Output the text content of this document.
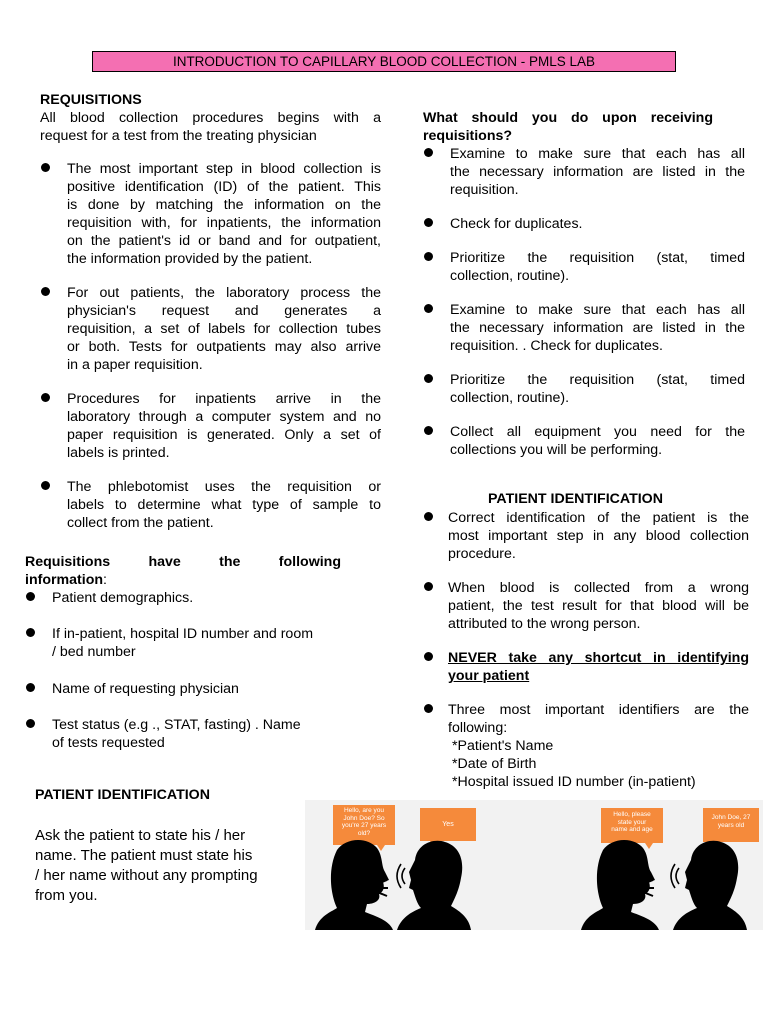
INTRODUCTION TO CAPILLARY BLOOD COLLECTION - PMLS LAB
REQUISITIONS
All blood collection procedures begins with a
request for a test from the treating physician
The most important step in blood collection is
positive identification (ID) of the patient. This
is done by matching the information on the
requisition with, for inpatients, the information
on the patient's id or band and for outpatient,
the information provided by the patient.
For out patients, the laboratory process the
physician's request and generates a
requisition, a set of labels for collection tubes
or both. Tests for outpatients may also arrive
in a paper requisition.
Procedures for inpatients arrive in the
laboratory through a computer system and no
paper requisition is generated. Only a set of
labels is printed.
The phlebotomist uses the requisition or
labels to determine what type of sample to
collect from the patient.
Requisitions have the following
information:
Patient demographics.
If in-patient, hospital ID number and room
/ bed number
Name of requesting physician
Test status (e.g ., STAT, fasting) . Name
of tests requested
PATIENT IDENTIFICATION
Ask the patient to state his / her
name. The patient must state his
/ her name without any prompting
from you.
What should you do upon receiving
requisitions?
Examine to make sure that each has all
the necessary information are listed in the
requisition.
Check for duplicates.
Prioritize the requisition (stat, timed
collection, routine).
Examine to make sure that each has all
the necessary information are listed in the
requisition. . Check for duplicates.
Prioritize the requisition (stat, timed
collection, routine).
Collect all equipment you need for the
collections you will be performing.
PATIENT IDENTIFICATION
Correct identification of the patient is the
most important step in any blood collection
procedure.
When blood is collected from a wrong
patient, the test result for that blood will be
attributed to the wrong person.
NEVER take any shortcut in identifying
your patient
Three most important identifiers are the
following:
*Patient's Name
*Date of Birth
*Hospital issued ID number (in-patient)
Hello, are you
John Doe? So
you're 27 years
old?
Yes
Hello, please
state your
name and age
John Doe, 27
years old
